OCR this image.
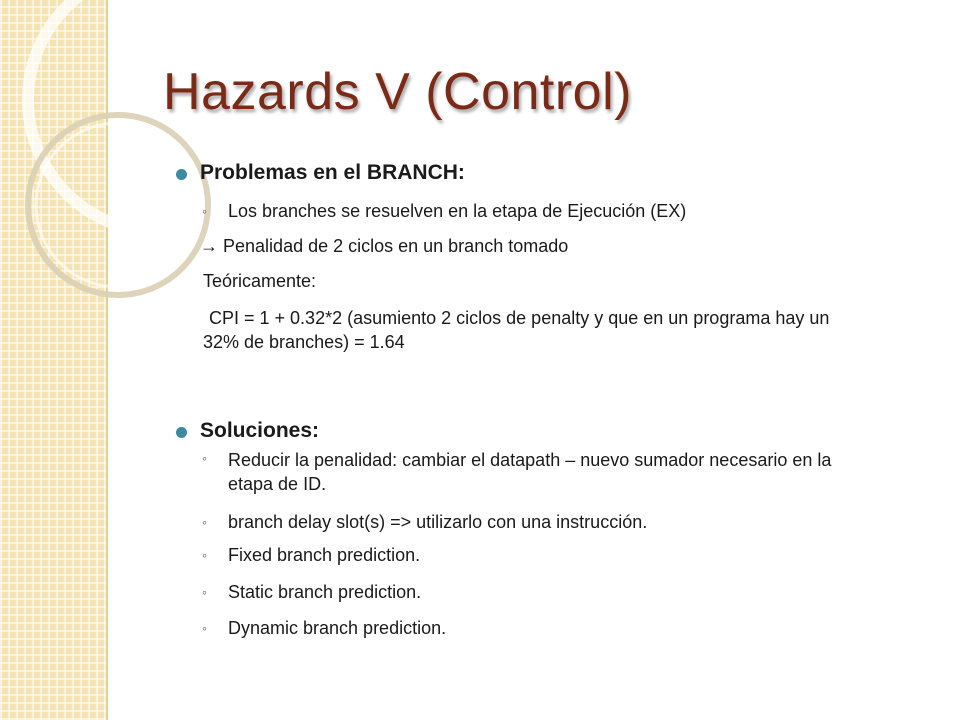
Hazards V (Control)
Problemas en el BRANCH:
◦ Los branches se resuelven en la etapa de Ejecución (EX)
→ Penalidad de 2 ciclos en un branch tomado
Teóricamente:
CPI = 1 + 0.32*2 (asumiento 2 ciclos de penalty y que en un programa hay un 32% de branches) = 1.64
Soluciones:
◦ Reducir la penalidad: cambiar el datapath – nuevo sumador necesario en la etapa de ID.
◦ branch delay slot(s) => utilizarlo con una instrucción.
◦ Fixed branch prediction.
◦ Static branch prediction.
◦ Dynamic branch prediction.
